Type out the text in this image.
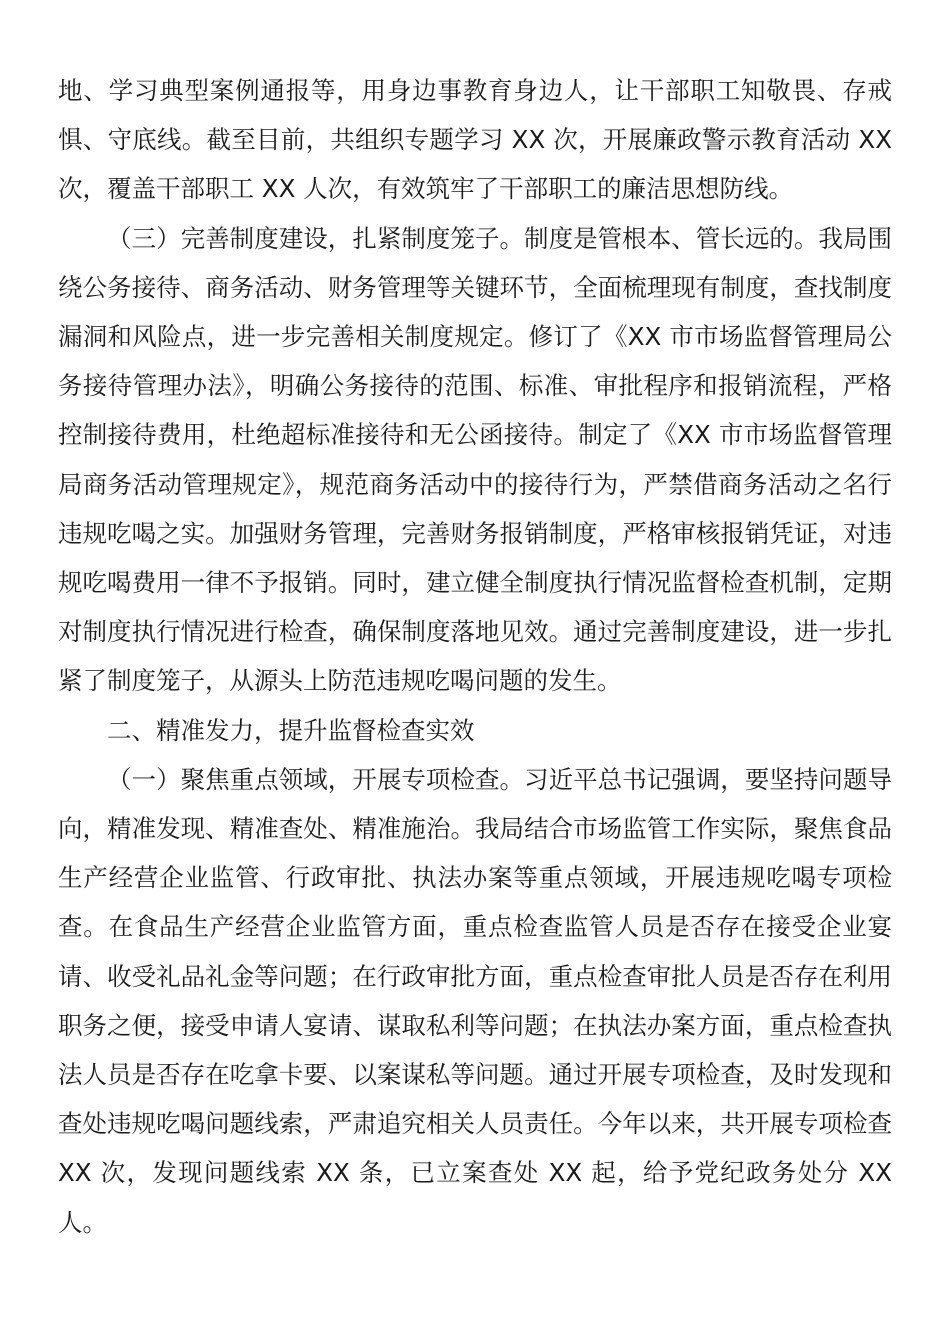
地、学习典型案例通报等，用身边事教育身边人，让干部职工知敬畏、存戒惧、守底线。截至目前，共组织专题学习 XX 次，开展廉政警示教育活动 XX 次，覆盖干部职工 XX 人次，有效筑牢了干部职工的廉洁思想防线。

（三）完善制度建设，扎紧制度笼子。制度是管根本、管长远的。我局围绕公务接待、商务活动、财务管理等关键环节，全面梳理现有制度，查找制度漏洞和风险点，进一步完善相关制度规定。修订了《XX 市市场监督管理局公务接待管理办法》，明确公务接待的范围、标准、审批程序和报销流程，严格控制接待费用，杜绝超标准接待和无公函接待。制定了《XX 市市场监督管理局商务活动管理规定》，规范商务活动中的接待行为，严禁借商务活动之名行违规吃喝之实。加强财务管理，完善财务报销制度，严格审核报销凭证，对违规吃喝费用一律不予报销。同时，建立健全制度执行情况监督检查机制，定期对制度执行情况进行检查，确保制度落地见效。通过完善制度建设，进一步扎紧了制度笼子，从源头上防范违规吃喝问题的发生。

二、精准发力，提升监督检查实效

（一）聚焦重点领域，开展专项检查。习近平总书记强调，要坚持问题导向，精准发现、精准查处、精准施治。我局结合市场监管工作实际，聚焦食品生产经营企业监管、行政审批、执法办案等重点领域，开展违规吃喝专项检查。在食品生产经营企业监管方面，重点检查监管人员是否存在接受企业宴请、收受礼品礼金等问题；在行政审批方面，重点检查审批人员是否存在利用职务之便，接受申请人宴请、谋取私利等问题；在执法办案方面，重点检查执法人员是否存在吃拿卡要、以案谋私等问题。通过开展专项检查，及时发现和查处违规吃喝问题线索，严肃追究相关人员责任。今年以来，共开展专项检查 XX 次，发现问题线索 XX 条，已立案查处 XX 起，给予党纪政务处分 XX 人。
